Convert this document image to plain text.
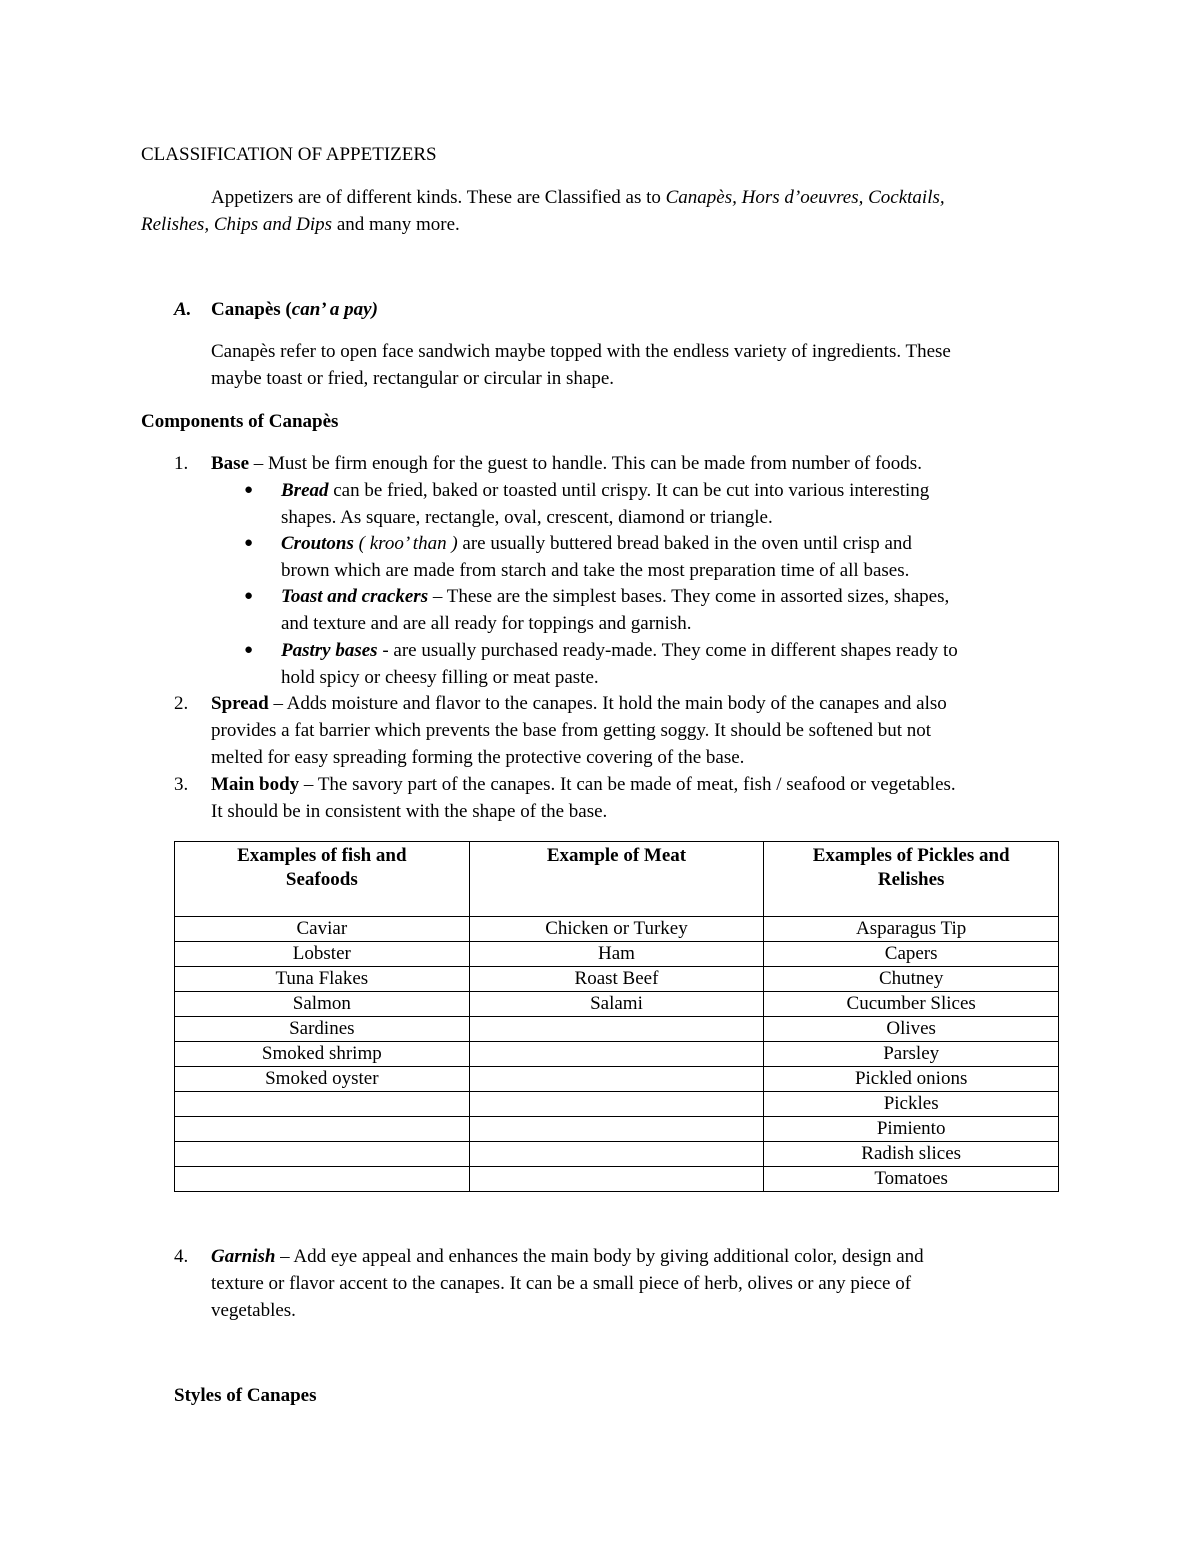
CLASSIFICATION OF APPETIZERS
Appetizers are of different kinds. These are Classified as to Canapès, Hors d’oeuvres, Cocktails,
Relishes, Chips and Dips and many more.
A. Canapès (can’ a pay)
Canapès refer to open face sandwich maybe topped with the endless variety of ingredients. These
maybe toast or fried, rectangular or circular in shape.
Components of Canapès
1. Base – Must be firm enough for the guest to handle. This can be made from number of foods.
● Bread can be fried, baked or toasted until crispy. It can be cut into various interesting
shapes. As square, rectangle, oval, crescent, diamond or triangle.
● Croutons ( kroo’ than ) are usually buttered bread baked in the oven until crisp and
brown which are made from starch and take the most preparation time of all bases.
● Toast and crackers – These are the simplest bases. They come in assorted sizes, shapes,
and texture and are all ready for toppings and garnish.
● Pastry bases - are usually purchased ready-made. They come in different shapes ready to
hold spicy or cheesy filling or meat paste.
2. Spread – Adds moisture and flavor to the canapes. It hold the main body of the canapes and also
provides a fat barrier which prevents the base from getting soggy. It should be softened but not
melted for easy spreading forming the protective covering of the base.
3. Main body – The savory part of the canapes. It can be made of meat, fish / seafood or vegetables.
It should be in consistent with the shape of the base.
Examples of fish and
Seafoods	Example of Meat	Examples of Pickles and
Relishes
Caviar	Chicken or Turkey	Asparagus Tip
Lobster	Ham	Capers
Tuna Flakes	Roast Beef	Chutney
Salmon	Salami	Cucumber Slices
Sardines		Olives
Smoked shrimp		Parsley
Smoked oyster		Pickled onions
		Pickles
		Pimiento
		Radish slices
		Tomatoes
4. Garnish – Add eye appeal and enhances the main body by giving additional color, design and
texture or flavor accent to the canapes. It can be a small piece of herb, olives or any piece of
vegetables.
Styles of Canapes
